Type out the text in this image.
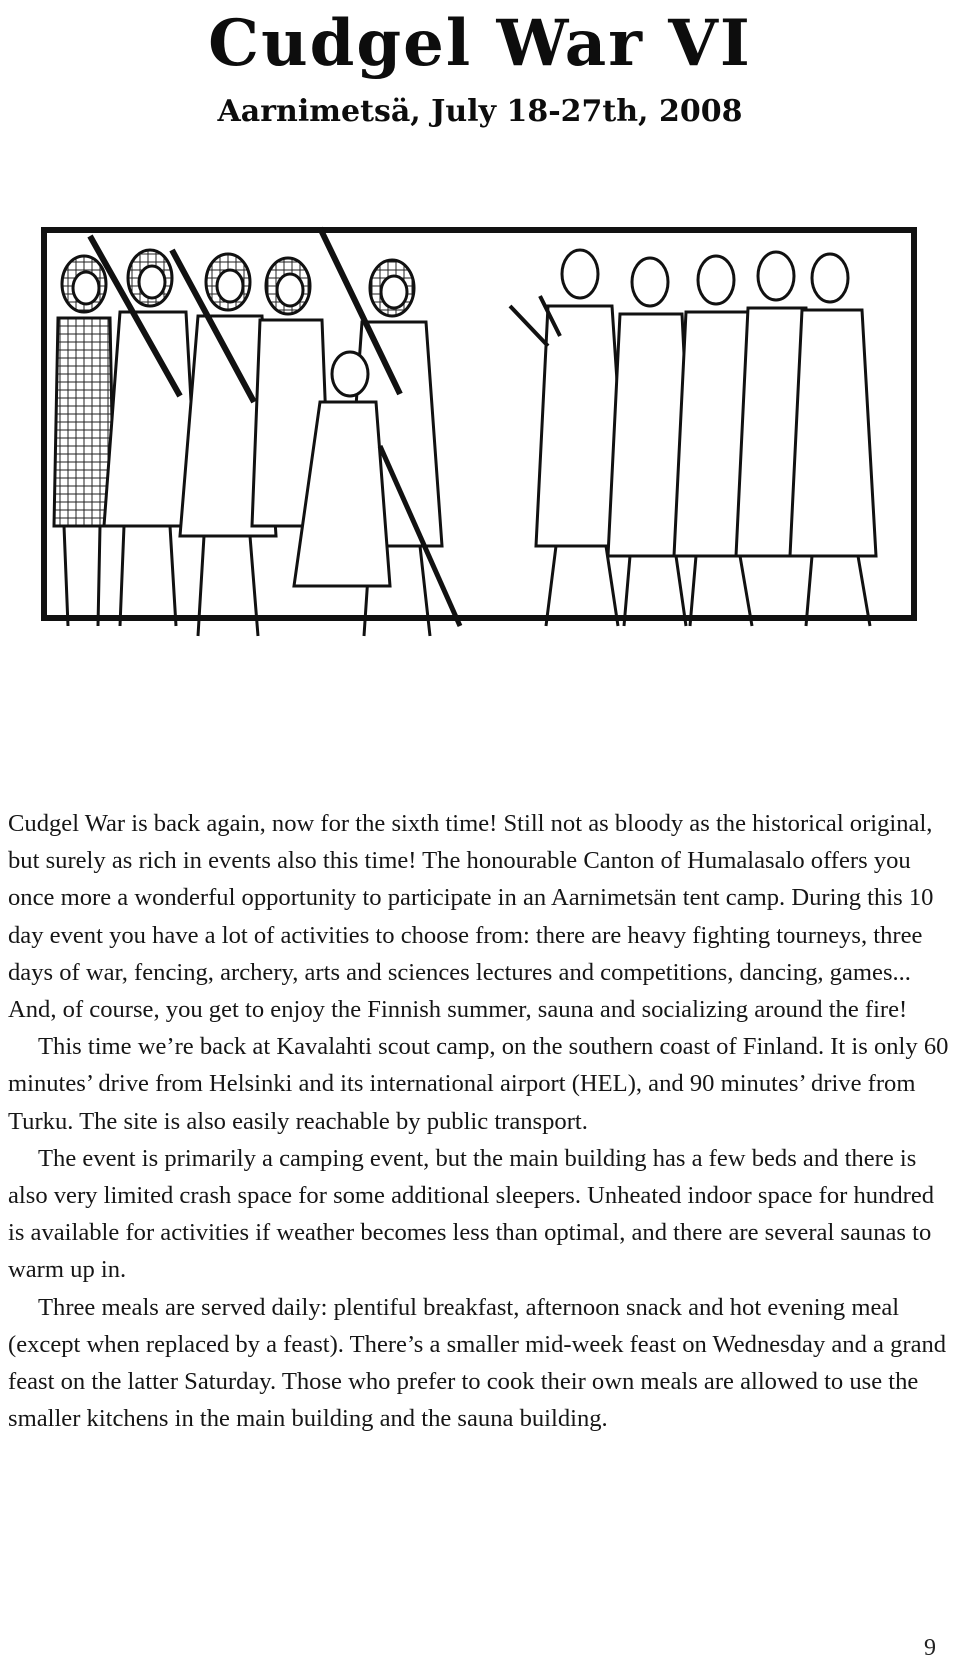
Cudgel War VI
Aarnimetsä, July 18-27th, 2008

Cudgel War is back again, now for the sixth time! Still not as bloody as the historical original, but surely as rich in events also this time! The honourable Canton of Humalasalo offers you once more a wonderful opportunity to participate in an Aarnimetsän tent camp. During this 10 day event you have a lot of activities to choose from: there are heavy fighting tourneys, three days of war, fencing, archery, arts and sciences lectures and competitions, dancing, games... And, of course, you get to enjoy the Finnish summer, sauna and socializing around the fire!

This time we’re back at Kavalahti scout camp, on the southern coast of Finland. It is only 60 minutes’ drive from Helsinki and its international airport (HEL), and 90 minutes’ drive from Turku. The site is also easily reachable by public transport.

The event is primarily a camping event, but the main building has a few beds and there is also very limited crash space for some additional sleepers. Unheated indoor space for hundred is available for activities if weather becomes less than optimal, and there are several saunas to warm up in.

Three meals are served daily: plentiful breakfast, afternoon snack and hot evening meal (except when replaced by a feast). There’s a smaller mid-week feast on Wednesday and a grand feast on the latter Saturday. Those who prefer to cook their own meals are allowed to use the smaller kitchens in the main building and the sauna building.

9
